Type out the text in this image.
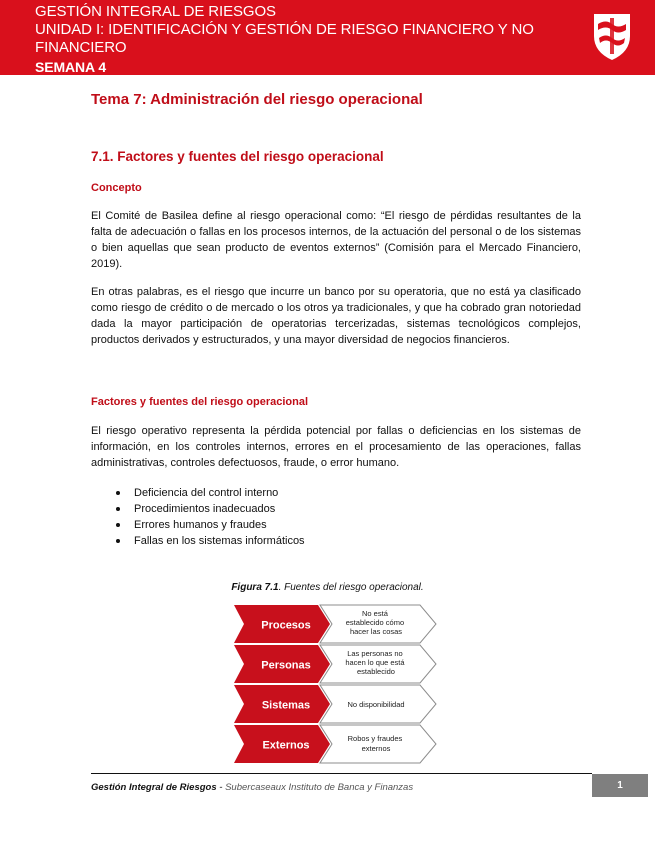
GESTIÓN INTEGRAL DE RIESGOS
UNIDAD I: IDENTIFICACIÓN Y GESTIÓN DE RIESGO FINANCIERO Y NO
FINANCIERO
SEMANA 4
Tema 7: Administración del riesgo operacional
7.1. Factores y fuentes del riesgo operacional
Concepto
El Comité de Basilea define al riesgo operacional como: “El riesgo de pérdidas resultantes de la falta de adecuación o fallas en los procesos internos, de la actuación del personal o de los sistemas o bien aquellas que sean producto de eventos externos” (Comisión para el Mercado Financiero, 2019).
En otras palabras, es el riesgo que incurre un banco por su operatoria, que no está ya clasificado como riesgo de crédito o de mercado o los otros ya tradicionales, y que ha cobrado gran notoriedad dada la mayor participación de operatorias tercerizadas, sistemas tecnológicos complejos, productos derivados y estructurados, y una mayor diversidad de negocios financieros.
Factores y fuentes del riesgo operacional
El riesgo operativo representa la pérdida potencial por fallas o deficiencias en los sistemas de información, en los controles internos, errores en el procesamiento de las operaciones, fallas administrativas, controles defectuosos, fraude, o error humano.
Deficiencia del control interno
Procedimientos inadecuados
Errores humanos y fraudes
Fallas en los sistemas informáticos
Figura 7.1. Fuentes del riesgo operacional.
Procesos
No está establecido cómo hacer las cosas
Personas
Las personas no hacen lo que está establecido
Sistemas	No disponibilidad
Externos
Robos y fraudes externos
Gestión Integral de Riesgos - Subercaseaux Instituto de Banca y Finanzas	1
